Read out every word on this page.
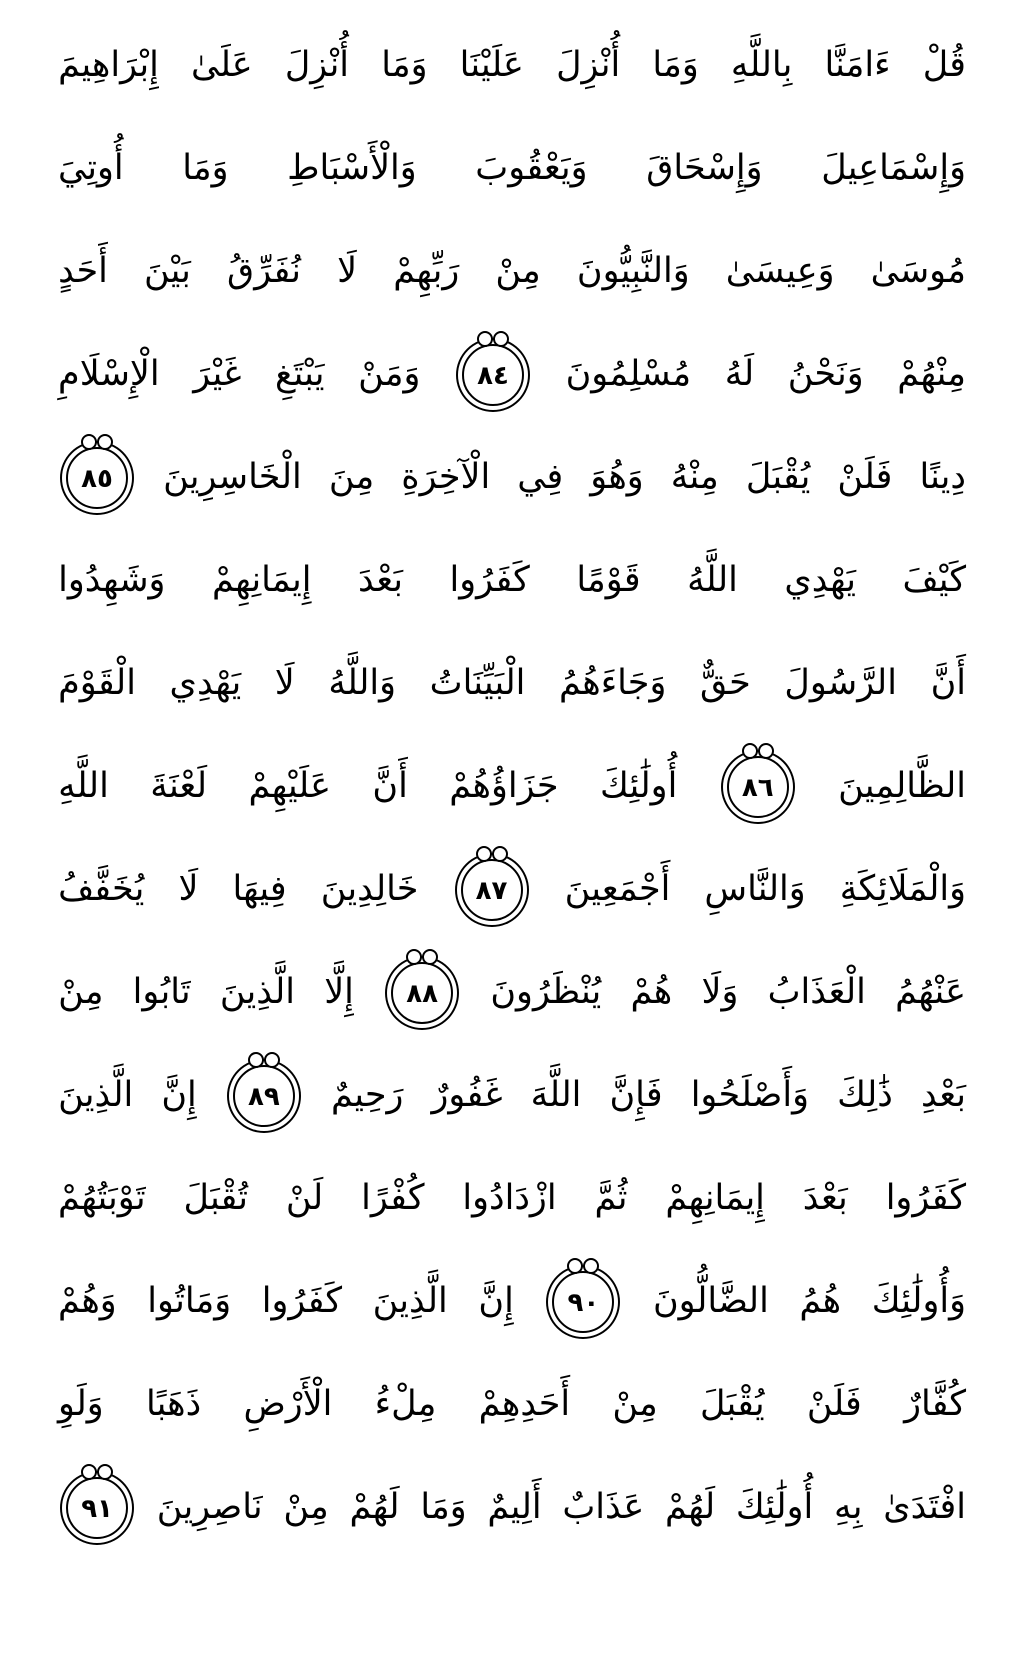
قُلْ
ءَامَنَّا
بِاللَّهِ
وَمَا
أُنْزِلَ
عَلَيْنَا
وَمَا
أُنْزِلَ
عَلَىٰ
إِبْرَاهِيمَ
وَإِسْمَاعِيلَ
وَإِسْحَاقَ
وَيَعْقُوبَ
وَالْأَسْبَاطِ
وَمَا
أُوتِيَ
مُوسَىٰ
وَعِيسَىٰ
وَالنَّبِيُّونَ
مِنْ
رَبِّهِمْ
لَا
نُفَرِّقُ
بَيْنَ
أَحَدٍ
مِنْهُمْ
وَنَحْنُ
لَهُ
مُسْلِمُونَ
٨٤
وَمَنْ
يَبْتَغِ
غَيْرَ
الْإِسْلَامِ
دِينًا
فَلَنْ
يُقْبَلَ
مِنْهُ
وَهُوَ
فِي
الْآخِرَةِ
مِنَ
الْخَاسِرِينَ
٨٥
كَيْفَ
يَهْدِي
اللَّهُ
قَوْمًا
كَفَرُوا
بَعْدَ
إِيمَانِهِمْ
وَشَهِدُوا
أَنَّ
الرَّسُولَ
حَقٌّ
وَجَاءَهُمُ
الْبَيِّنَاتُ
وَاللَّهُ
لَا
يَهْدِي
الْقَوْمَ
الظَّالِمِينَ
٨٦
أُولَٰئِكَ
جَزَاؤُهُمْ
أَنَّ
عَلَيْهِمْ
لَعْنَةَ
اللَّهِ
وَالْمَلَائِكَةِ
وَالنَّاسِ
أَجْمَعِينَ
٨٧
خَالِدِينَ
فِيهَا
لَا
يُخَفَّفُ
عَنْهُمُ
الْعَذَابُ
وَلَا
هُمْ
يُنْظَرُونَ
٨٨
إِلَّا
الَّذِينَ
تَابُوا
مِنْ
بَعْدِ
ذَٰلِكَ
وَأَصْلَحُوا
فَإِنَّ
اللَّهَ
غَفُورٌ
رَحِيمٌ
٨٩
إِنَّ
الَّذِينَ
كَفَرُوا
بَعْدَ
إِيمَانِهِمْ
ثُمَّ
ازْدَادُوا
كُفْرًا
لَنْ
تُقْبَلَ
تَوْبَتُهُمْ
وَأُولَٰئِكَ
هُمُ
الضَّالُّونَ
٩٠
إِنَّ
الَّذِينَ
كَفَرُوا
وَمَاتُوا
وَهُمْ
كُفَّارٌ
فَلَنْ
يُقْبَلَ
مِنْ
أَحَدِهِمْ
مِلْءُ
الْأَرْضِ
ذَهَبًا
وَلَوِ
افْتَدَىٰ
بِهِ
أُولَٰئِكَ
لَهُمْ
عَذَابٌ
أَلِيمٌ
وَمَا
لَهُمْ
مِنْ
نَاصِرِينَ
٩١
